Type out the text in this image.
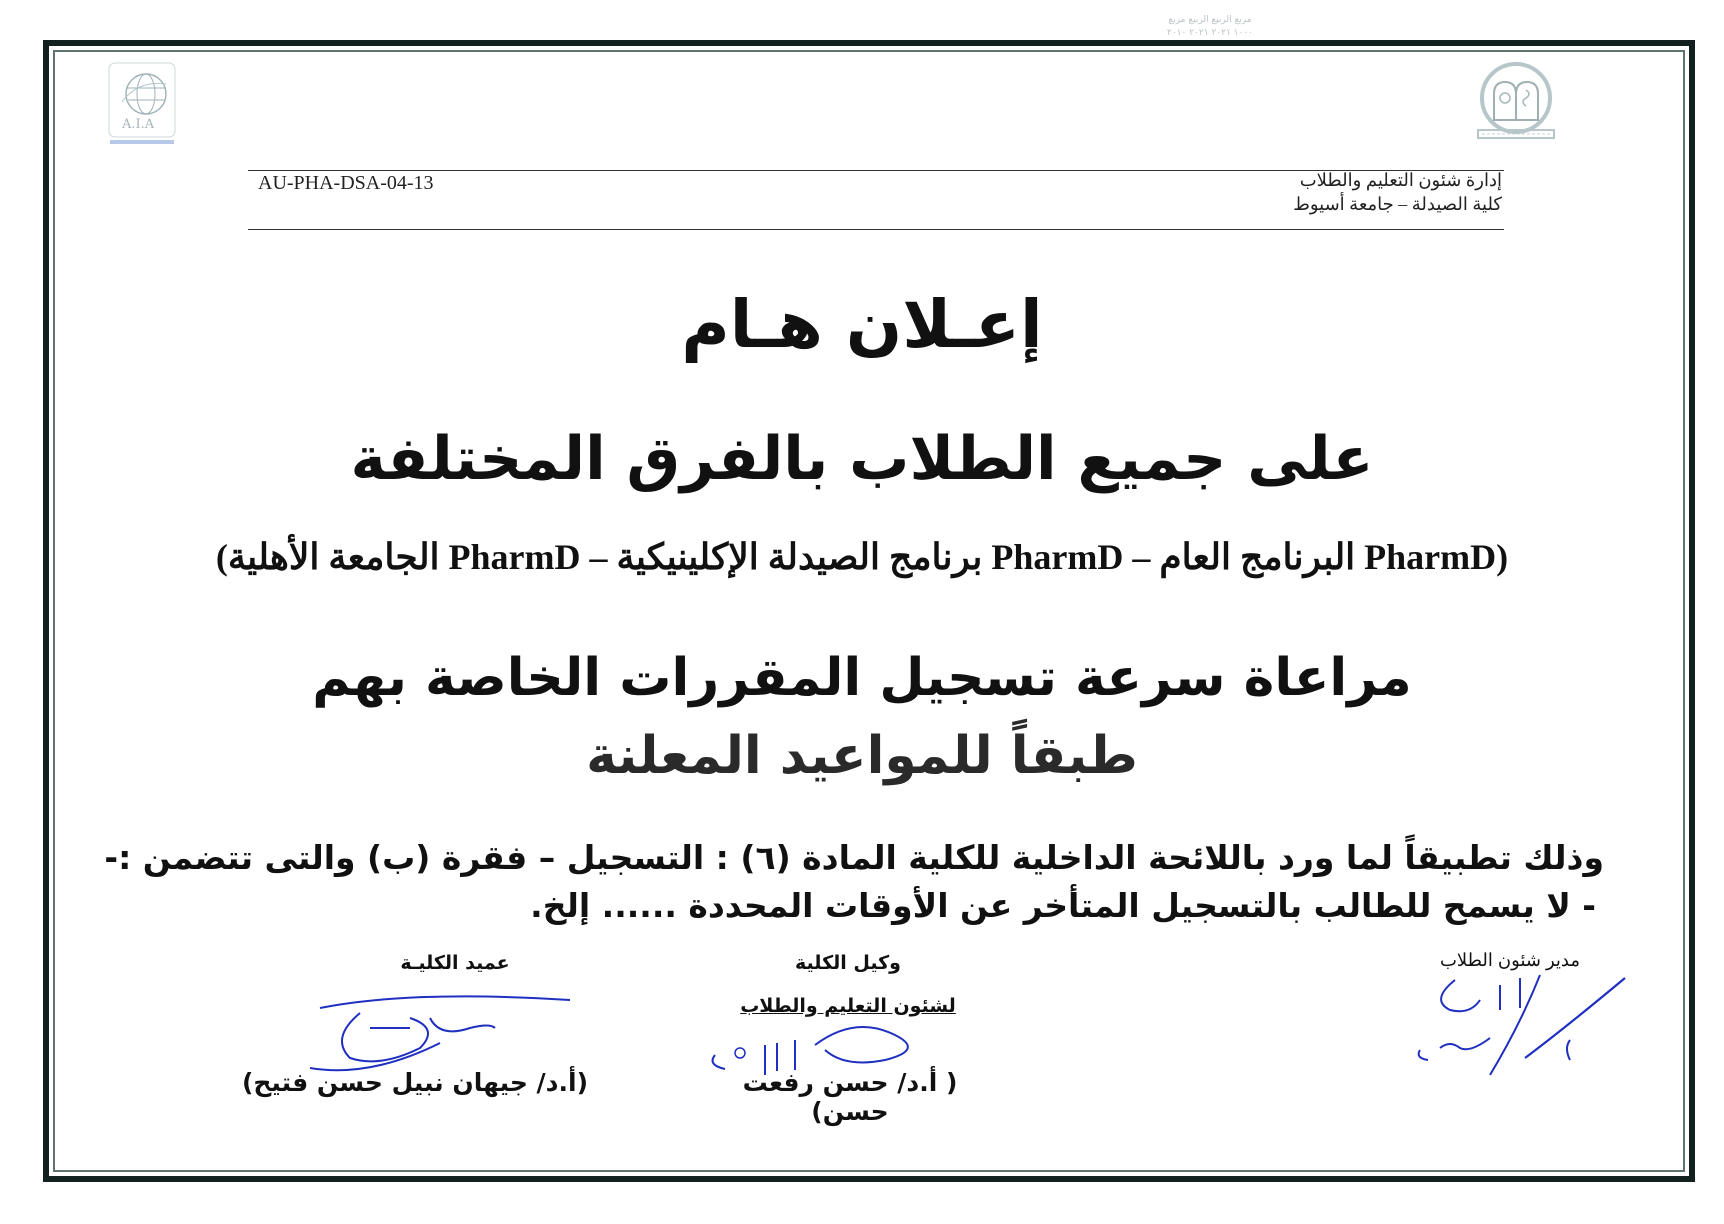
مربع الربيع الربيع مربع
١٠٠٠ ٢٠٢١ ٢٠٢١ ٢٠١٠
A.I.A
AU-PHA-DSA-04-13	إدارة شئون التعليم والطلاب
كلية الصيدلة – جامعة أسيوط
إعـلان هـام
على جميع الطلاب بالفرق المختلفة
(PharmD البرنامج العام – PharmD برنامج الصيدلة الإكلينيكية – PharmD الجامعة الأهلية)
مراعاة سرعة تسجيل المقررات الخاصة بهم
طبقاً للمواعيد المعلنة
وذلك تطبيقاً لما ورد باللائحة الداخلية للكلية المادة (٦) : التسجيل – فقرة (ب) والتى تتضمن :-
- لا يسمح للطالب بالتسجيل المتأخر عن الأوقات المحددة ...... إلخ.
عميد الكليـة
(أ.د/ جيهان نبيل حسن فتيح)
وكيل الكلية
لشئون التعليم والطلاب
( أ.د/ حسن رفعت حسن)
مدير شئون الطلاب
